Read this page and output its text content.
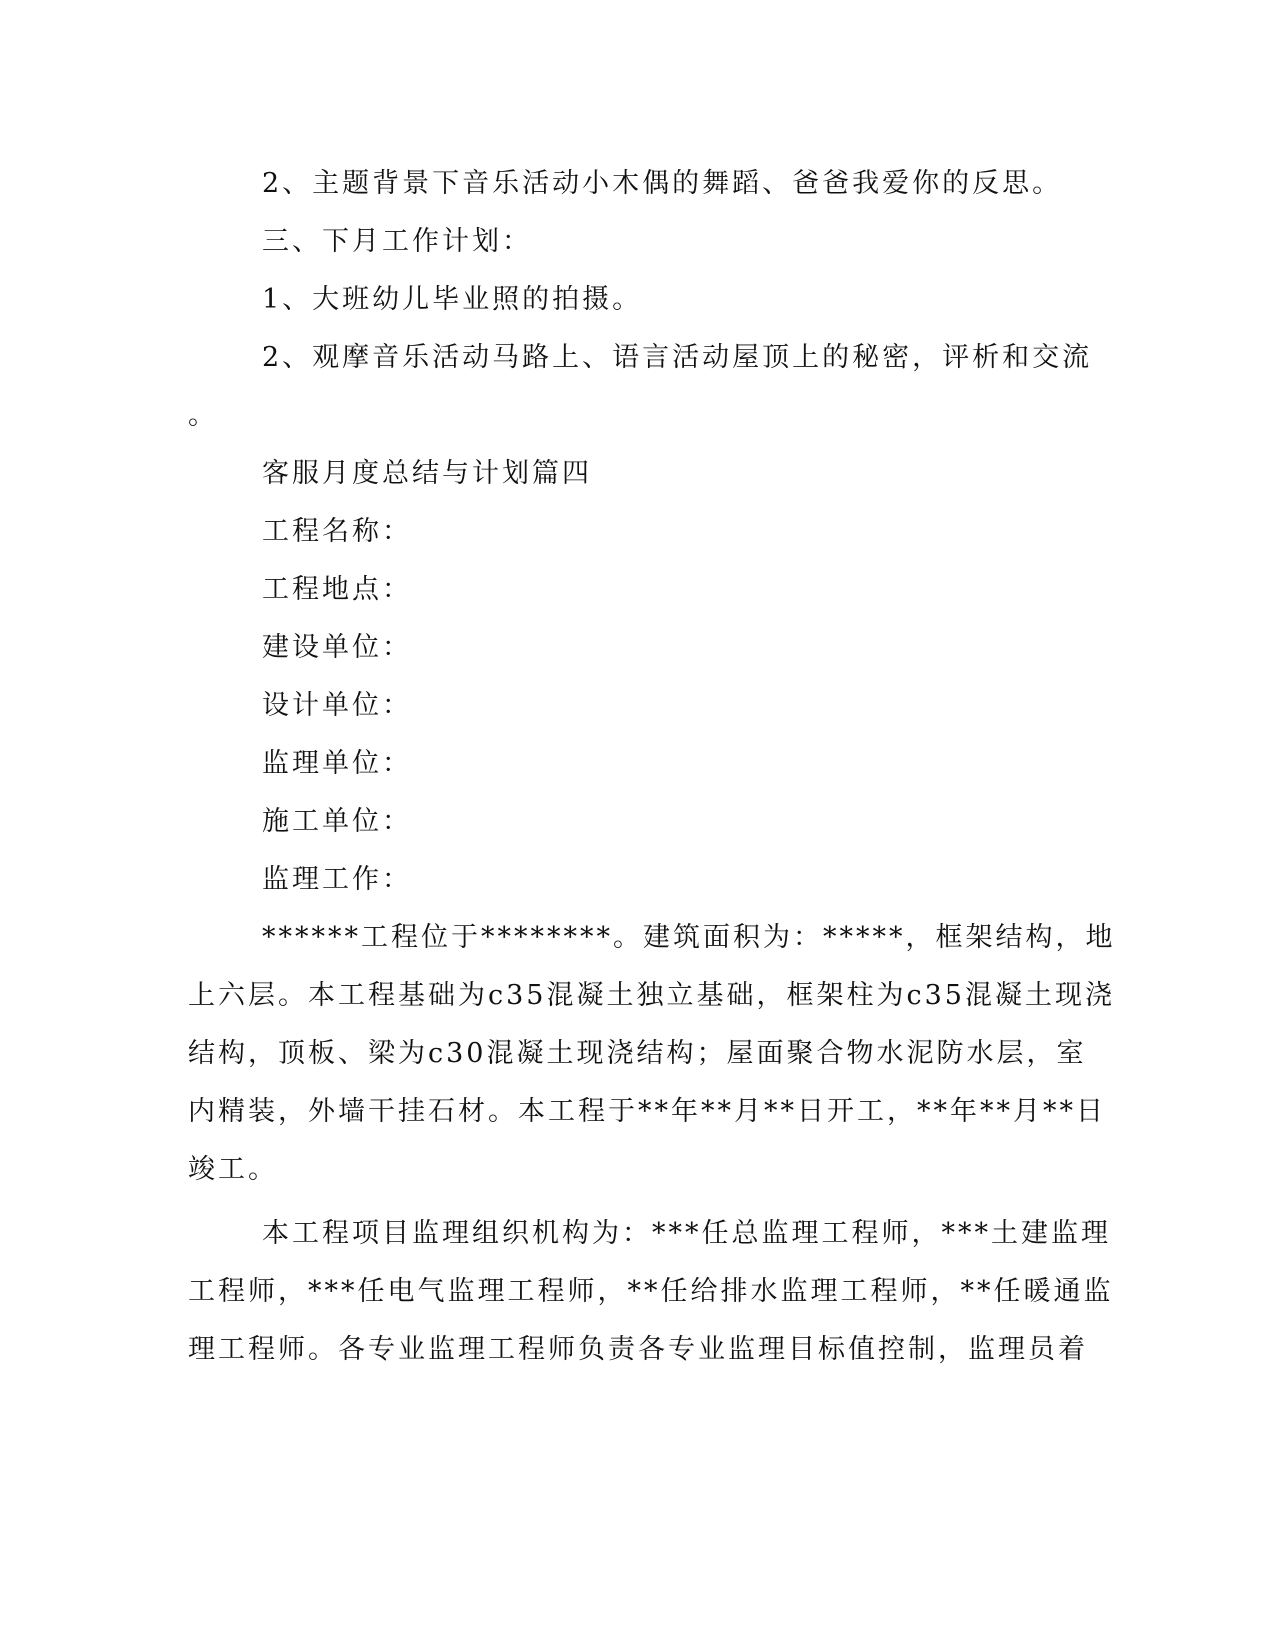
2、主题背景下音乐活动小木偶的舞蹈、爸爸我爱你的反思。
三、下月工作计划：
1、大班幼儿毕业照的拍摄。
2、观摩音乐活动马路上、语言活动屋顶上的秘密，评析和交流
。
客服月度总结与计划篇四
工程名称：
工程地点：
建设单位：
设计单位：
监理单位：
施工单位：
监理工作：
******工程位于********。建筑面积为：*****，框架结构，地
上六层。本工程基础为c35混凝土独立基础，框架柱为c35混凝土现浇
结构，顶板、梁为c30混凝土现浇结构；屋面聚合物水泥防水层，室
内精装，外墙干挂石材。本工程于**年**月**日开工，**年**月**日
竣工。
本工程项目监理组织机构为：***任总监理工程师，***土建监理
工程师，***任电气监理工程师，**任给排水监理工程师，**任暖通监
理工程师。各专业监理工程师负责各专业监理目标值控制，监理员着
